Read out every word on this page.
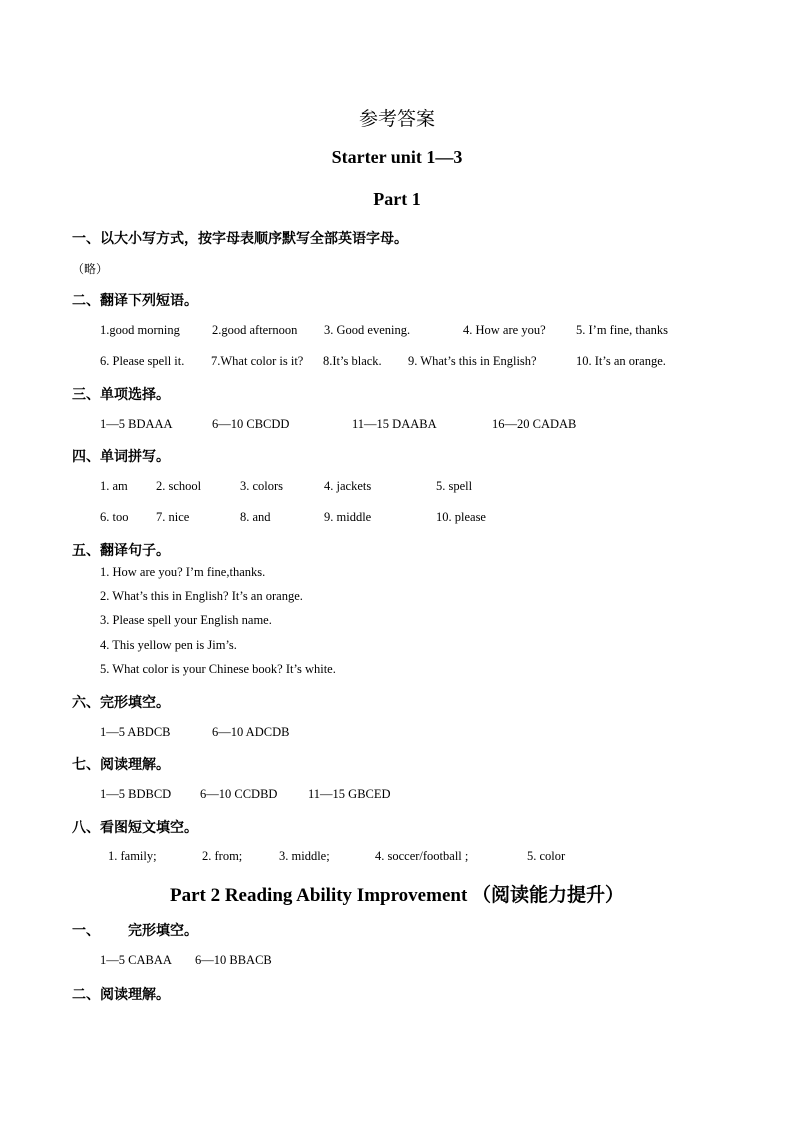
参考答案
Starter unit 1—3
Part 1
一、以大小写方式，按字母表顺序默写全部英语字母。
（略）
二、翻译下列短语。
1.good morning	2.good afternoon 3. Good evening.	4. How are you? 5. I’m fine, thanks
6. Please spell it. 7.What color is it? 8.It’s black. 9. What’s this in English?	10. It’s an orange.
三、单项选择。
1—5 BDAAA	6—10 CBCDD	11—15 DAABA	16—20 CADAB
四、单词拼写。
1. am 2. school	3. colors	4. jackets	5. spell
6. too 7. nice	8. and	9. middle	10. please
五、翻译句子。
1. How are you? I’m fine,thanks.
2. What’s this in English? It’s an orange.
3. Please spell your English name.
4. This yellow pen is Jim’s.
5. What color is your Chinese book? It’s white.
六、完形填空。
1—5 ABDCB	6—10 ADCDB
七、阅读理解。
1—5 BDBCD 6—10 CCDBD 11—15 GBCED
八、看图短文填空。
1. family;	2. from;	3. middle;	4. soccer/football ;	5. color
Part 2 Reading Ability Improvement （阅读能力提升）
一、 完形填空。
1—5 CABAA 6—10 BBACB
二、阅读理解。
